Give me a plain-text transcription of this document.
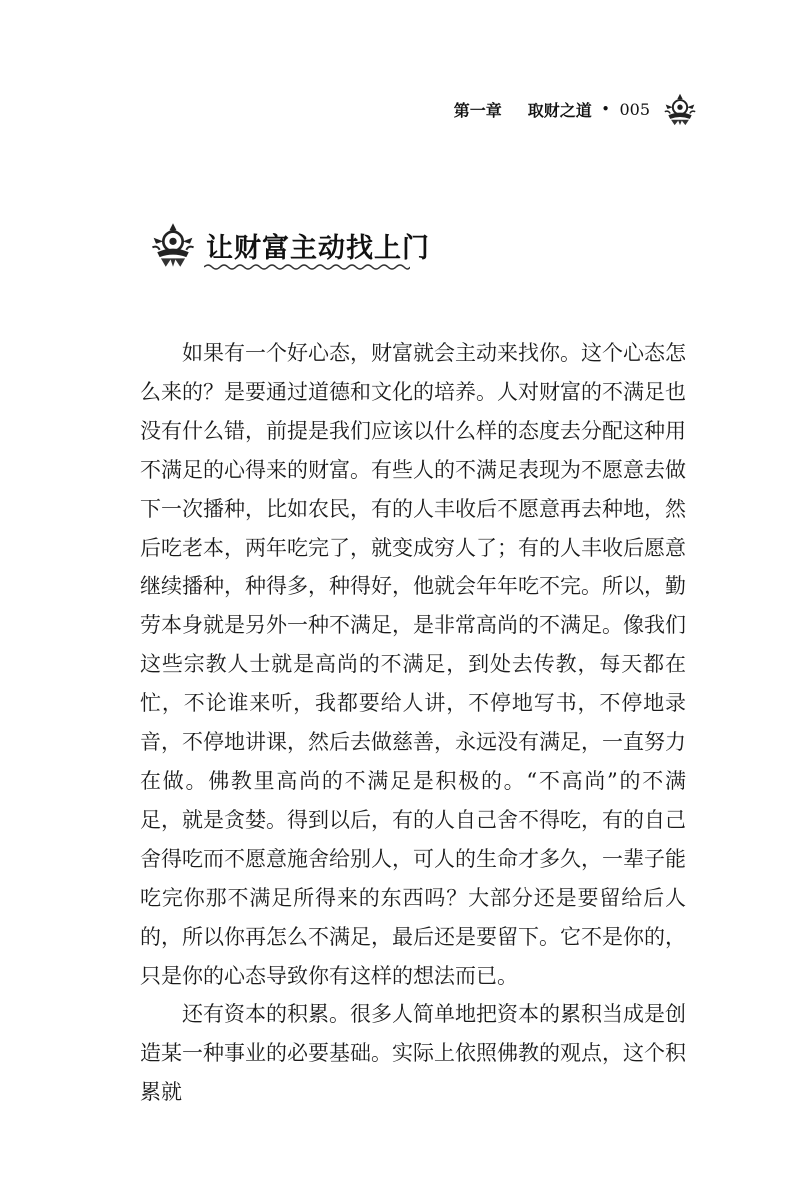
第一章 取财之道 • 005
让财富主动找上门

如果有一个好心态，财富就会主动来找你。这个心态怎么来的？是要通过道德和文化的培养。人对财富的不满足也没有什么错，前提是我们应该以什么样的态度去分配这种用不满足的心得来的财富。有些人的不满足表现为不愿意去做下一次播种，比如农民，有的人丰收后不愿意再去种地，然后吃老本，两年吃完了，就变成穷人了；有的人丰收后愿意继续播种，种得多，种得好，他就会年年吃不完。所以，勤劳本身就是另外一种不满足，是非常高尚的不满足。像我们这些宗教人士就是高尚的不满足，到处去传教，每天都在忙，不论谁来听，我都要给人讲，不停地写书，不停地录音，不停地讲课，然后去做慈善，永远没有满足，一直努力在做。佛教里高尚的不满足是积极的。“不高尚”的不满足，就是贪婪。得到以后，有的人自己舍不得吃，有的自己舍得吃而不愿意施舍给别人，可人的生命才多久，一辈子能吃完你那不满足所得来的东西吗？大部分还是要留给后人的，所以你再怎么不满足，最后还是要留下。它不是你的，只是你的心态导致你有这样的想法而已。

还有资本的积累。很多人简单地把资本的累积当成是创造某一种事业的必要基础。实际上依照佛教的观点，这个积累就
